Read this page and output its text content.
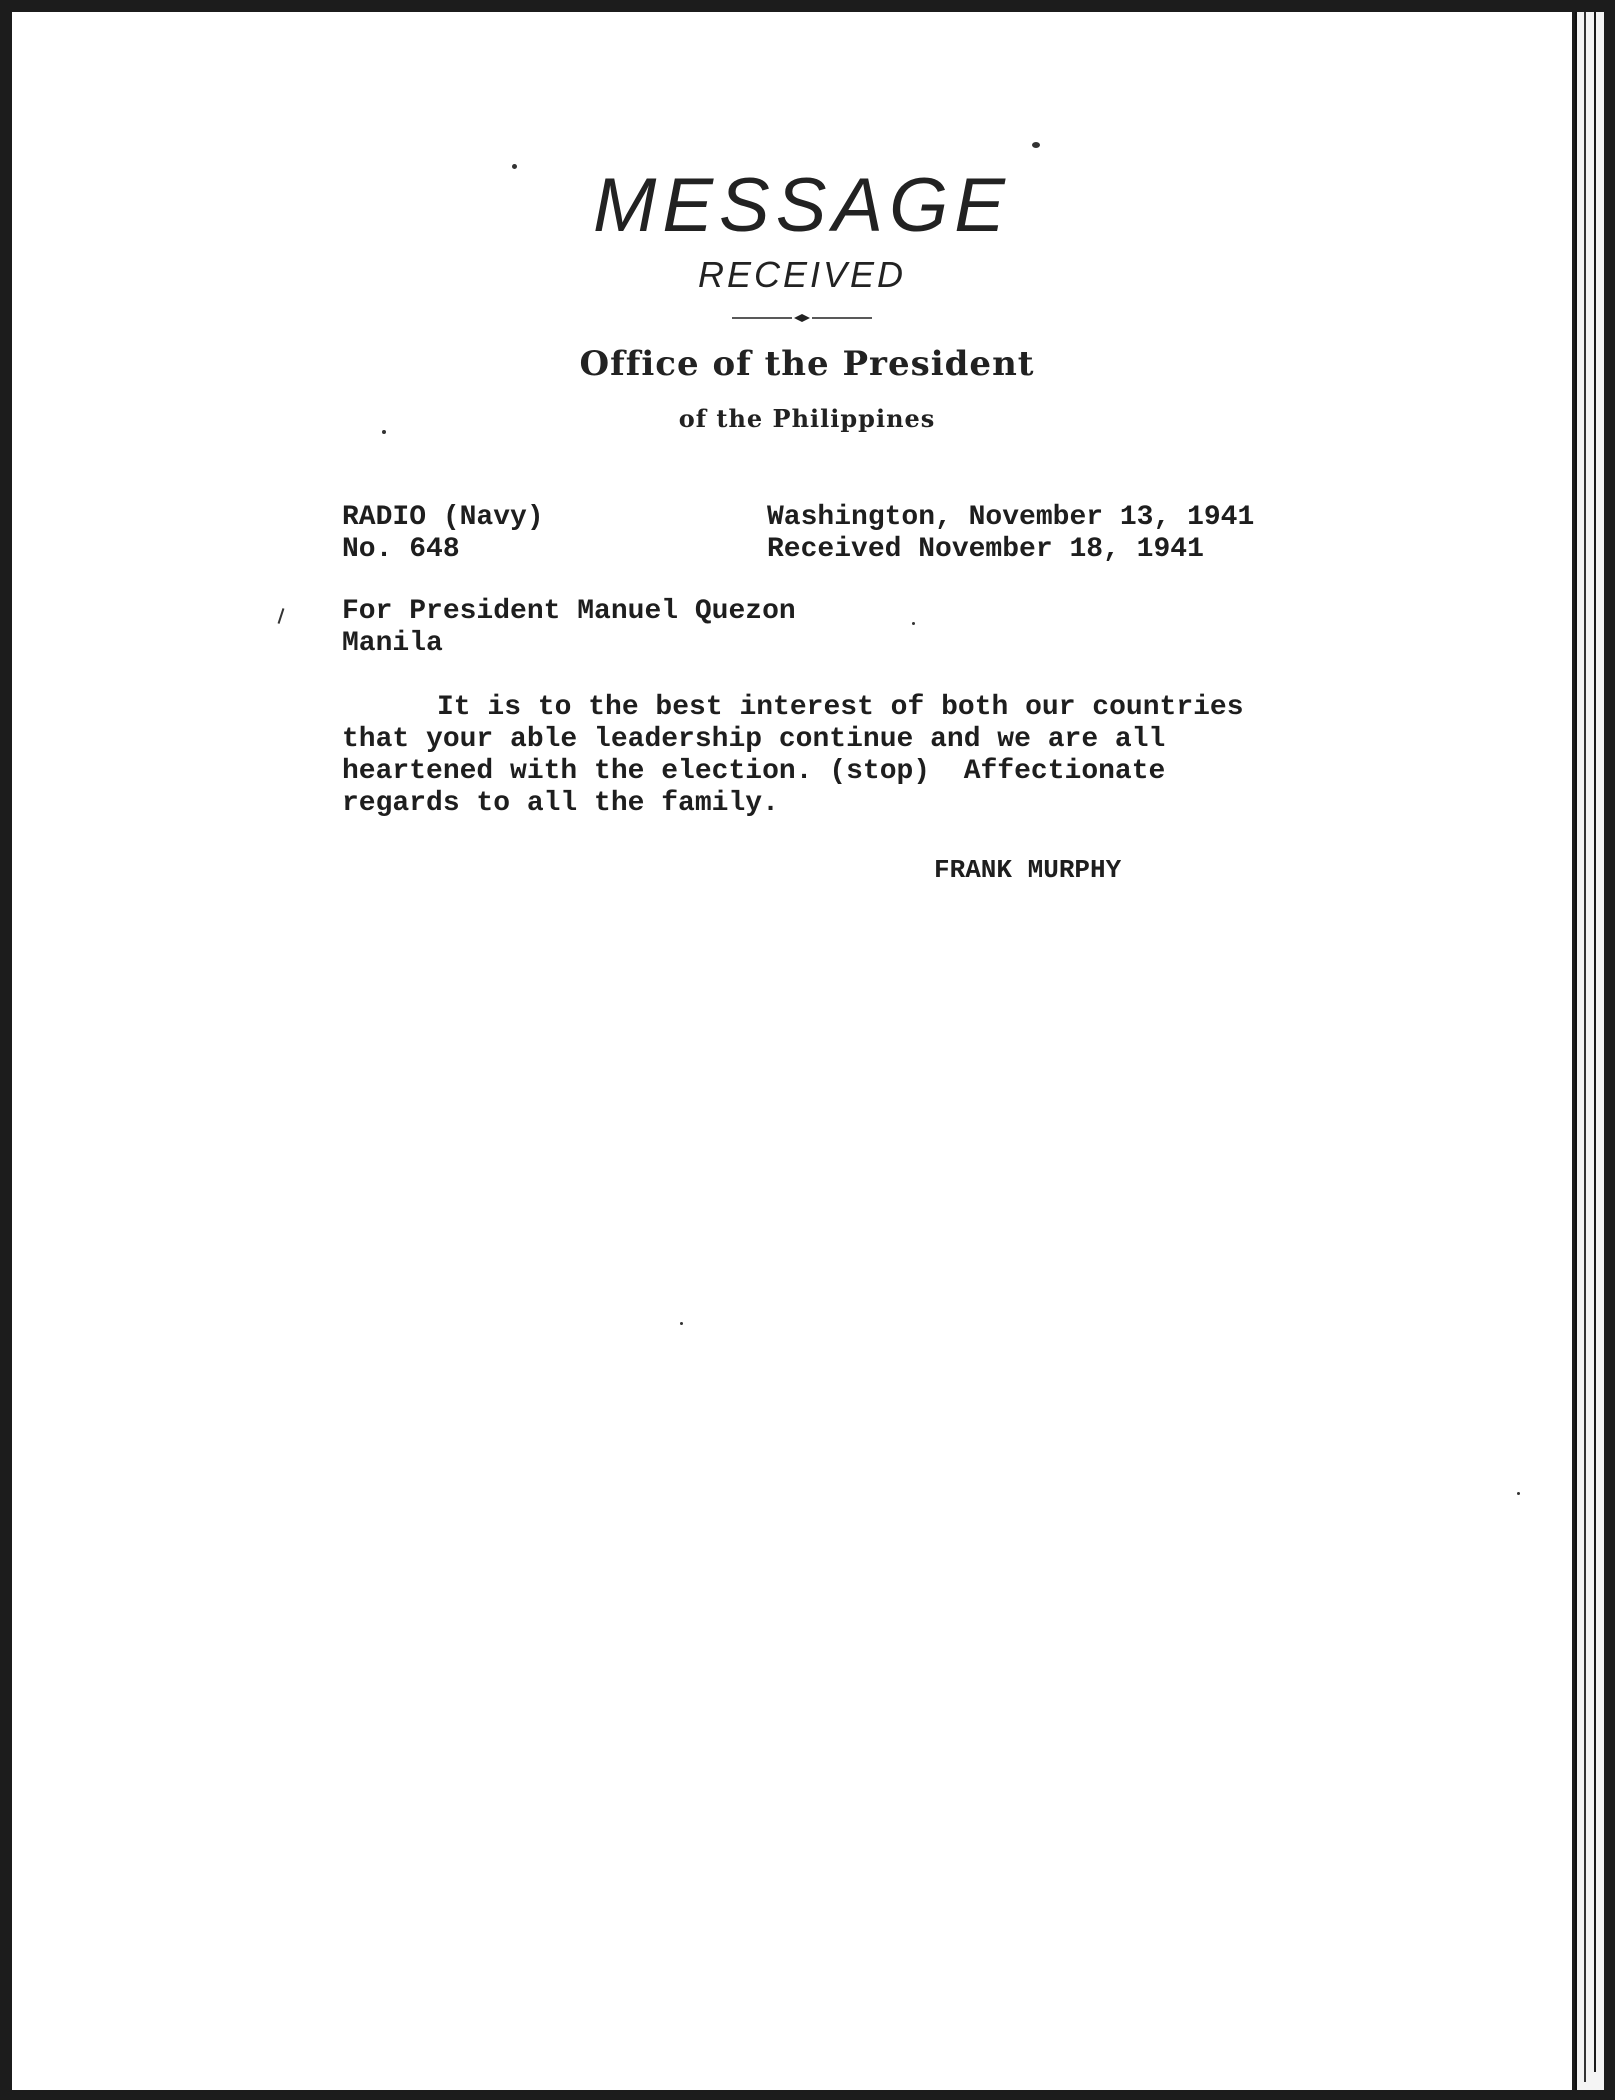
MESSAGE
RECEIVED
Office of the President
of the Philippines
RADIO (Navy)
No. 648
Washington, November 13, 1941
Received November 18, 1941
For President Manuel Quezon
Manila
It is to the best interest of both our countries
that your able leadership continue and we are all
heartened with the election. (stop)  Affectionate
regards to all the family.
FRANK MURPHY
